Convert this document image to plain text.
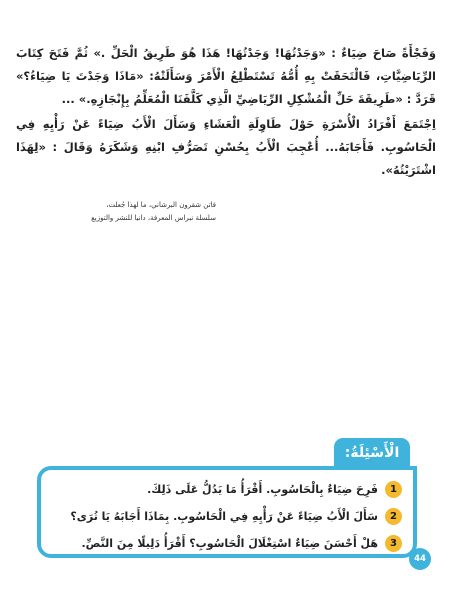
وَفَجْأَةً صَاحَ ضِيَاءٌ : «وَجَدْتُهَا! وَجَدْتُهَا! هَذَا هُوَ طَرِيقُ الْحَلِّ .» ثُمَّ فَتَحَ كِتَابَ الرِّيَاضِيَّاتِ، فَالْتَحَقَتْ بِهِ أُمُّهُ تَسْتَطْلِعُ الْأَمْرَ وَسَأَلَتْهُ: «مَاذَا وَجَدْتَ يَا ضِيَاءُ؟» قَرَدَّ : «طَرِيقَةَ حَلِّ الْمُشْكِلِ الرِّيَاضِيِّ الَّذِي كَلَّفَنَا الْمُعَلِّمُ بِإِنْجَازِهِ.» ...

اِجْتَمَعَ أَفْرَادُ الْأُسْرَةِ حَوْلَ طَاوِلَةِ الْعَشَاءِ وَسَأَلَ الْأَبُ ضِيَاءً عَنْ رَأْيِهِ فِي الْحَاسُوبِ. فَأَجَابَهُ... أُعْجِبَ الْأَبُ بِحُسْنِ تَصَرُّفِ ابْنِهِ وَشَكَرَهُ وَقَالَ : «لِهَذَا اشْتَرَيْتُهُ».

فاتن شقرون البرشاني، ما لهذا جُعلت،
سلسلة نبراس المعرفة، دانيا للنشر والتوزيع
الْأَسْئِلَةُ:
1
فَرِحَ ضِيَاءٌ بِالْحَاسُوبِ. أَقْرَأُ مَا يَدُلُّ عَلَى ذَلِكَ.
2
سَأَلَ الْأَبُ ضِيَاءً عَنْ رَأْيِهِ فِي الْحَاسُوبِ. بِمَاذَا أَجَابَهُ يَا تُرَى؟
3
هَلْ أَحْسَنَ ضِيَاءٌ اسْتِغْلَالَ الْحَاسُوبِ؟ أَقْرَأُ دَلِيلًا مِنَ النَّصِّ.
44
